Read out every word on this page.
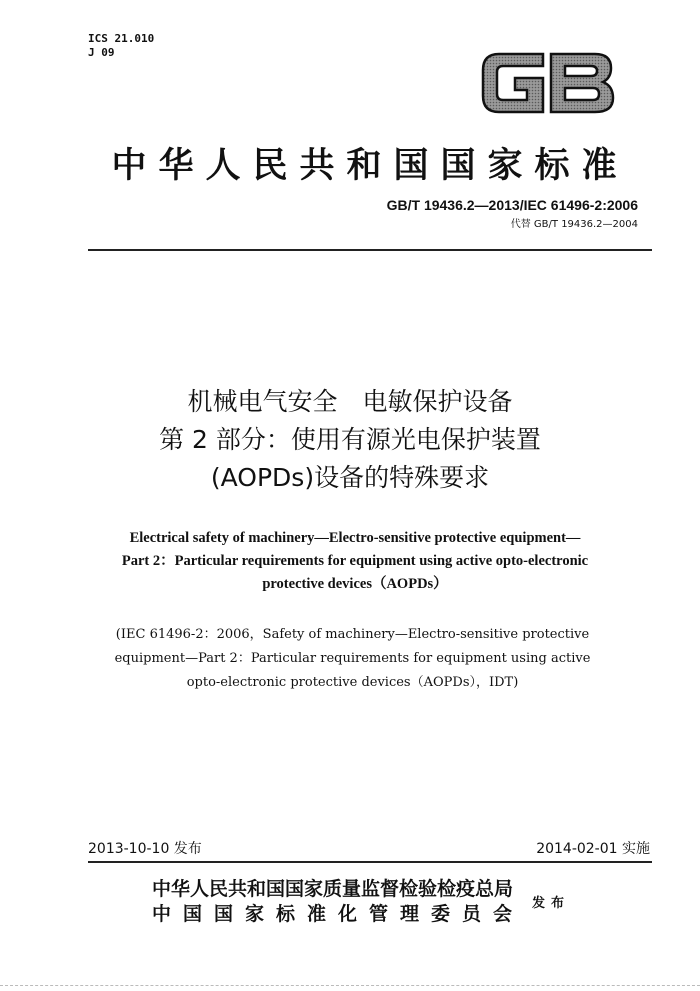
ICS 21.010
J 09
中华人民共和国国家标准
GB/T 19436.2—2013/IEC 61496-2:2006
代替 GB/T 19436.2—2004
机械电气安全　电敏保护设备
第 2 部分：使用有源光电保护装置
(AOPDs)设备的特殊要求
Electrical safety of machinery—Electro-sensitive protective equipment—
Part 2：Particular requirements for equipment using active opto-electronic
protective devices（AOPDs）
(IEC 61496-2：2006，Safety of machinery—Electro-sensitive protective
equipment—Part 2：Particular requirements for equipment using active
opto-electronic protective devices（AOPDs），IDT)
2013-10-10 发布	2014-02-01 实施
中华人民共和国国家质量监督检验检疫总局
中国国家标准化管理委员会 发布
